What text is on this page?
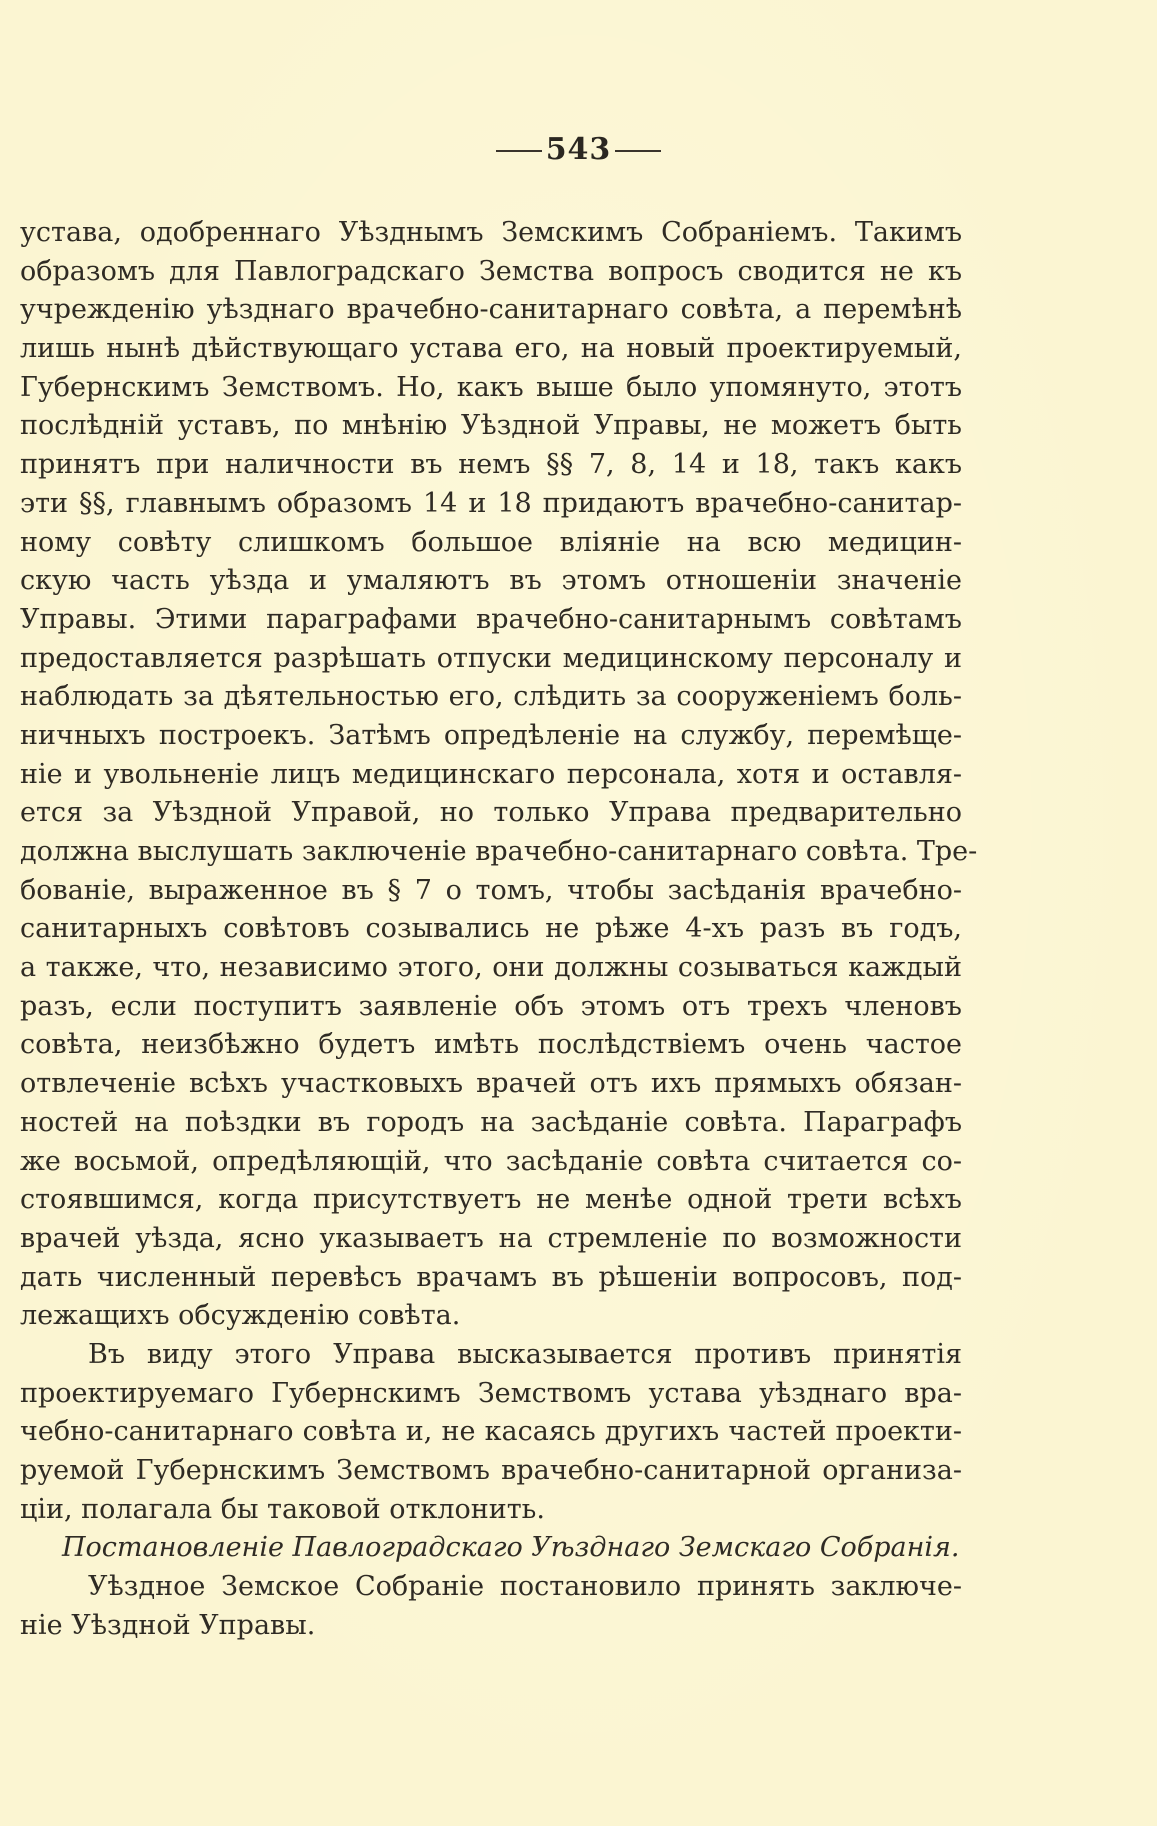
543
устава, одобреннаго Уѣзднымъ Земскимъ Собраніемъ. Такимъ
образомъ для Павлоградскаго Земства вопросъ сводится не къ
учрежденію уѣзднаго врачебно-санитарнаго совѣта, а перемѣнѣ
лишь нынѣ дѣйствующаго устава его, на новый проектируемый,
Губернскимъ Земствомъ. Но, какъ выше было упомянуто, этотъ
послѣдній уставъ, по мнѣнію Уѣздной Управы, не можетъ быть
принятъ при наличности въ немъ §§ 7, 8, 14 и 18, такъ какъ
эти §§, главнымъ образомъ 14 и 18 придаютъ врачебно-санитар-
ному совѣту слишкомъ большое вліяніе на всю медицин-
скую часть уѣзда и умаляютъ въ этомъ отношеніи значеніе
Управы. Этими параграфами врачебно-санитарнымъ совѣтамъ
предоставляется разрѣшать отпуски медицинскому персоналу и
наблюдать за дѣятельностью его, слѣдить за сооруженіемъ боль-
ничныхъ построекъ. Затѣмъ опредѣленіе на службу, перемѣще-
ніе и увольненіе лицъ медицинскаго персонала, хотя и оставля-
ется за Уѣздной Управой, но только Управа предварительно
должна выслушать заключеніе врачебно-санитарнаго совѣта. Тре-
бованіе, выраженное въ § 7 о томъ, чтобы засѣданія врачебно-
санитарныхъ совѣтовъ созывались не рѣже 4-хъ разъ въ годъ,
а также, что, независимо этого, они должны созываться каждый
разъ, если поступитъ заявленіе объ этомъ отъ трехъ членовъ
совѣта, неизбѣжно будетъ имѣть послѣдствіемъ очень частое
отвлеченіе всѣхъ участковыхъ врачей отъ ихъ прямыхъ обязан-
ностей на поѣздки въ городъ на засѣданіе совѣта. Параграфъ
же восьмой, опредѣляющій, что засѣданіе совѣта считается со-
стоявшимся, когда присутствуетъ не менѣе одной трети всѣхъ
врачей уѣзда, ясно указываетъ на стремленіе по возможности
дать численный перевѣсъ врачамъ въ рѣшеніи вопросовъ, под-
лежащихъ обсужденію совѣта.
Въ виду этого Управа высказывается противъ принятія
проектируемаго Губернскимъ Земствомъ устава уѣзднаго вра-
чебно-санитарнаго совѣта и, не касаясь другихъ частей проекти-
руемой Губернскимъ Земствомъ врачебно-санитарной организа-
ціи, полагала бы таковой отклонить.
Постановленіе Павлоградскаго Уѣзднаго Земскаго Собранія.
Уѣздное Земское Собраніе постановило принять заключе-
ніе Уѣздной Управы.
